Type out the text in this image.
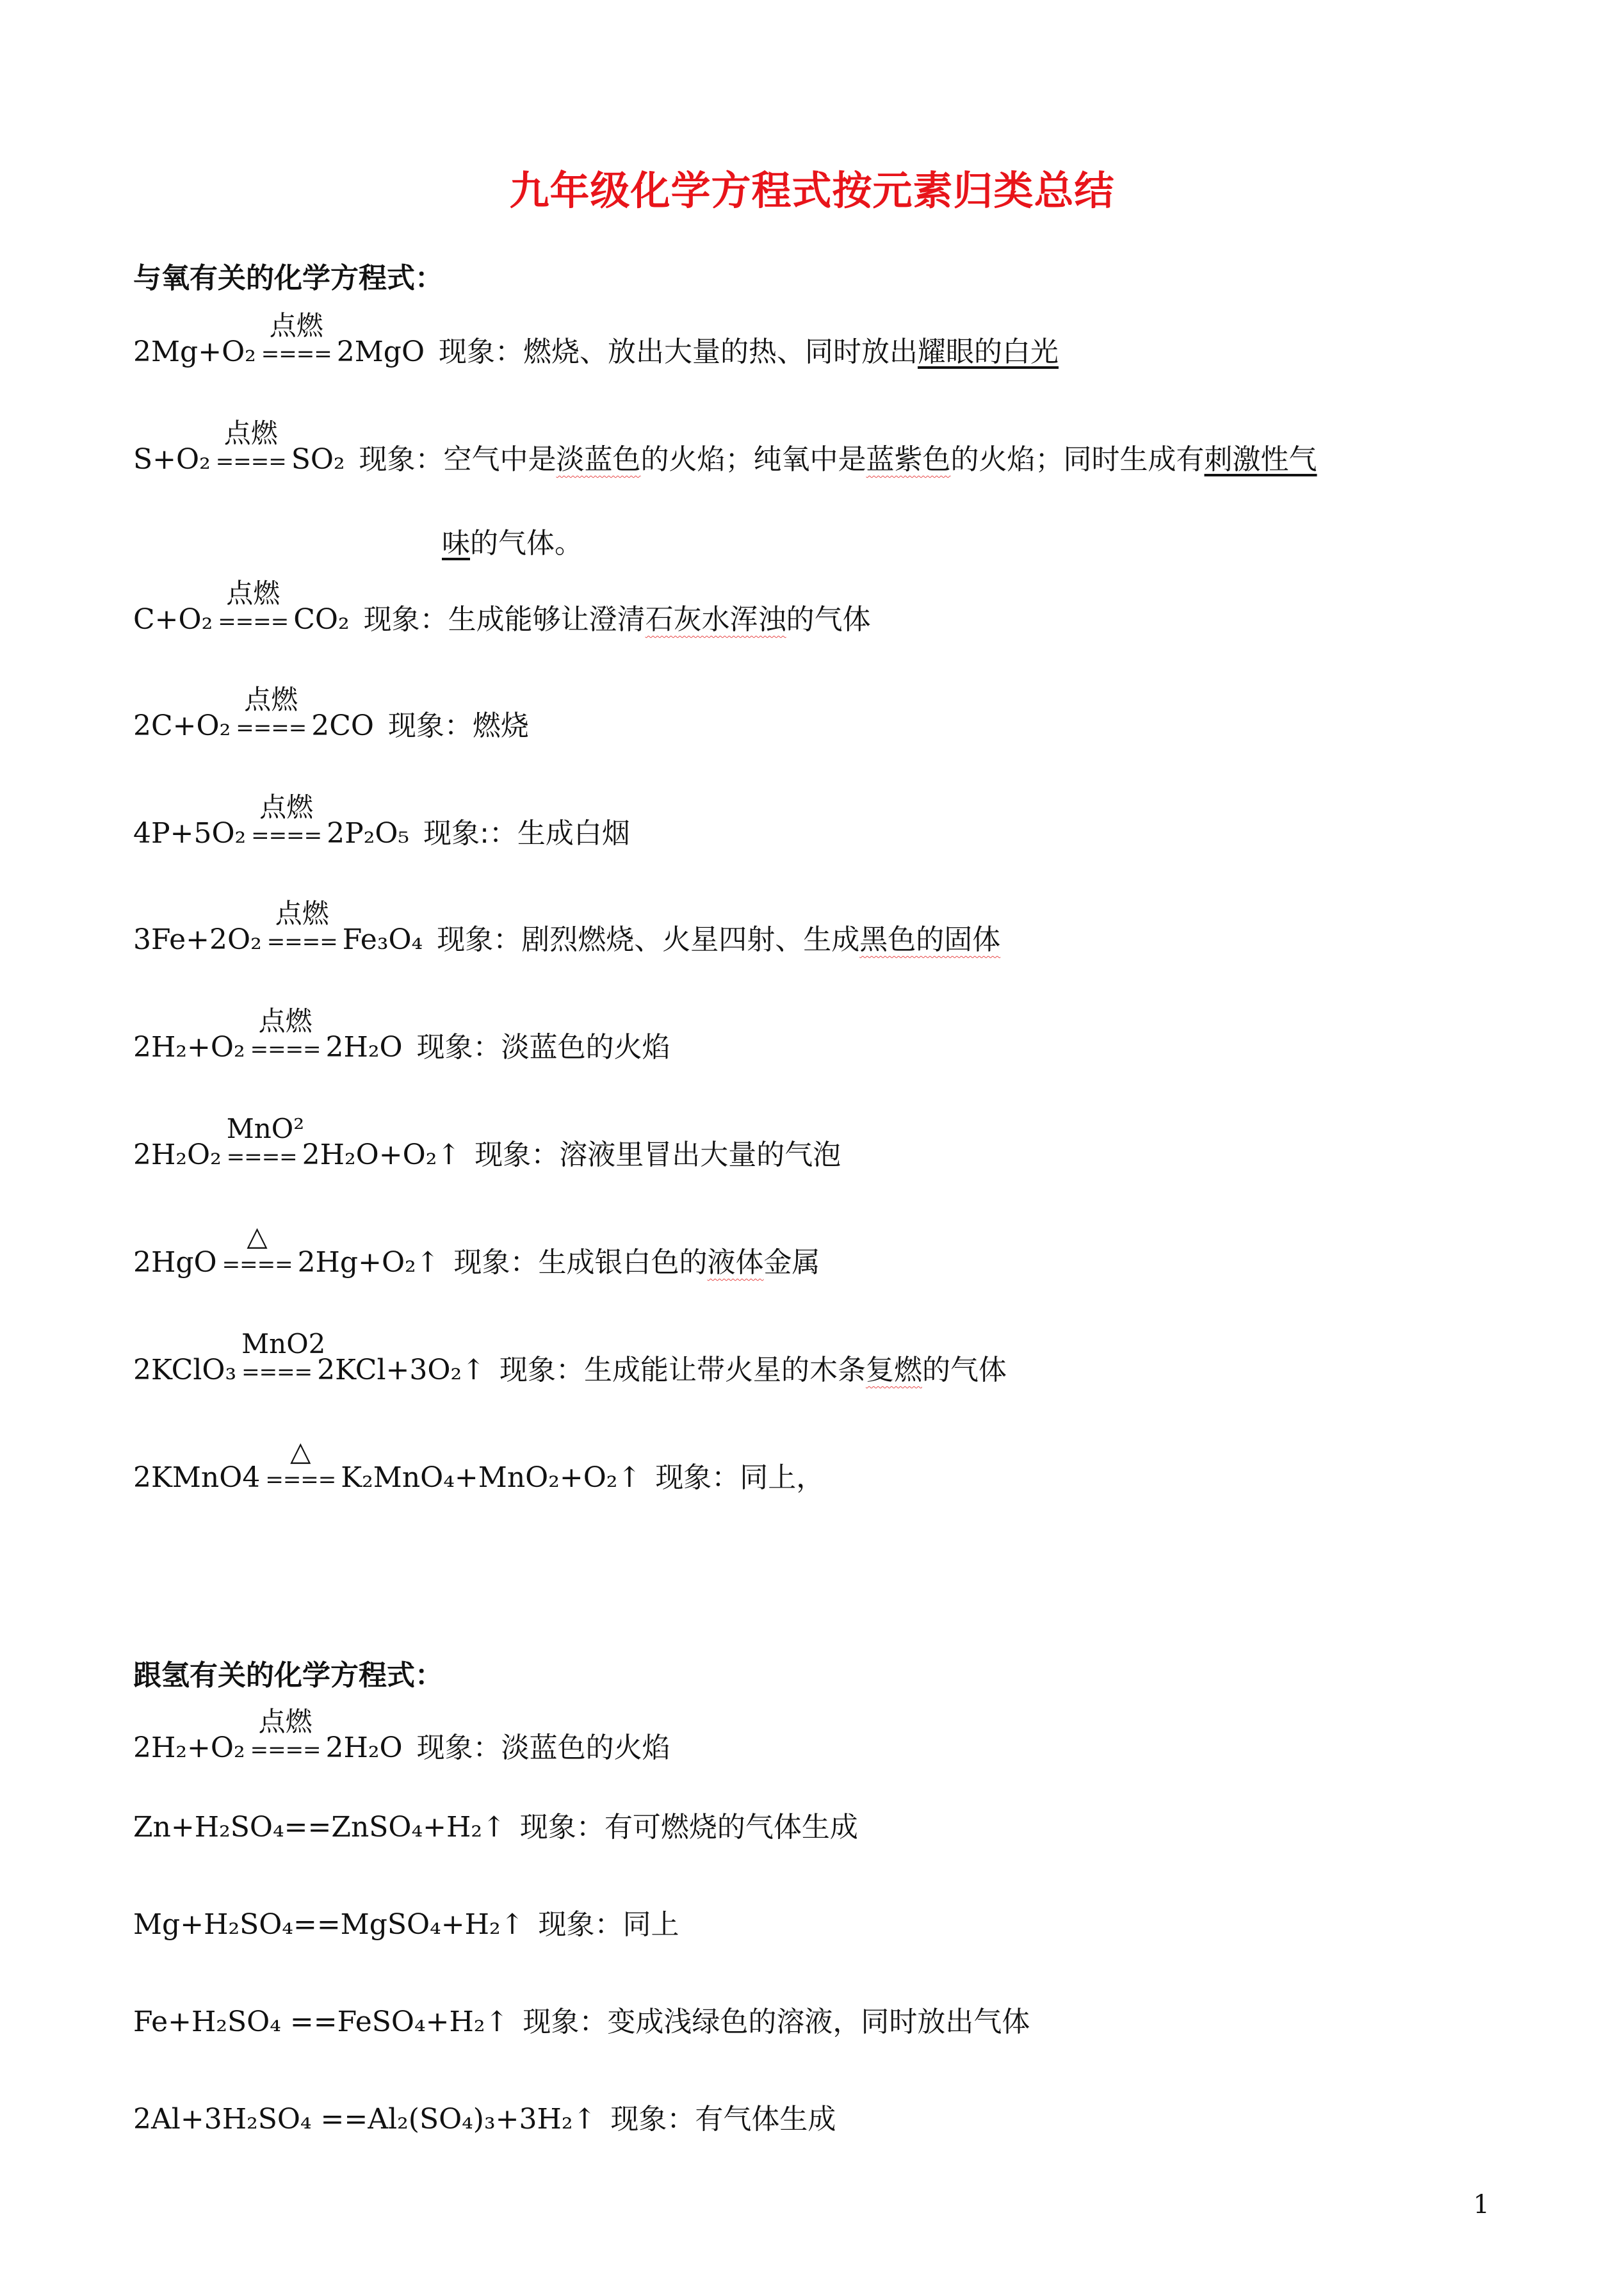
九年级化学方程式按元素归类总结
与氧有关的化学方程式：
2Mg+O₂
点燃
==== 2MgO 现象：燃烧、放出大量的热、同时放出耀眼的白光
S+O₂
点燃
==== SO₂ 现象：空气中是淡蓝色的火焰；纯氧中是蓝紫色的火焰；同时生成有刺激性气
味的气体。
C+O₂
点燃
==== CO₂ 现象：生成能够让澄清石灰水浑浊的气体
2C+O₂
点燃
==== 2CO 现象：燃烧
4P+5O₂
点燃
==== 2P₂O₅ 现象:：生成白烟
3Fe+2O₂
点燃
==== Fe₃O₄ 现象：剧烈燃烧、火星四射、生成黑色的固体
2H₂+O₂
点燃
==== 2H₂O 现象：淡蓝色的火焰
2H₂O₂
MnO²
==== 2H₂O+O₂↑ 现象：溶液里冒出大量的气泡
2HgO
△
==== 2Hg+O₂↑ 现象：生成银白色的液体金属
2KClO₃
MnO2
==== 2KCl+3O₂↑ 现象：生成能让带火星的木条复燃的气体
2KMnO4
△
==== K₂MnO₄+MnO₂+O₂↑ 现象：同上，
跟氢有关的化学方程式：
2H₂+O₂
点燃
==== 2H₂O 现象：淡蓝色的火焰
Zn+H₂SO₄==ZnSO₄+H₂↑ 现象：有可燃烧的气体生成
Mg+H₂SO₄==MgSO₄+H₂↑ 现象：同上
Fe+H₂SO₄ ==FeSO₄+H₂↑ 现象：变成浅绿色的溶液，同时放出气体
2Al+3H₂SO₄ ==Al₂(SO₄)₃+3H₂↑ 现象：有气体生成
1
